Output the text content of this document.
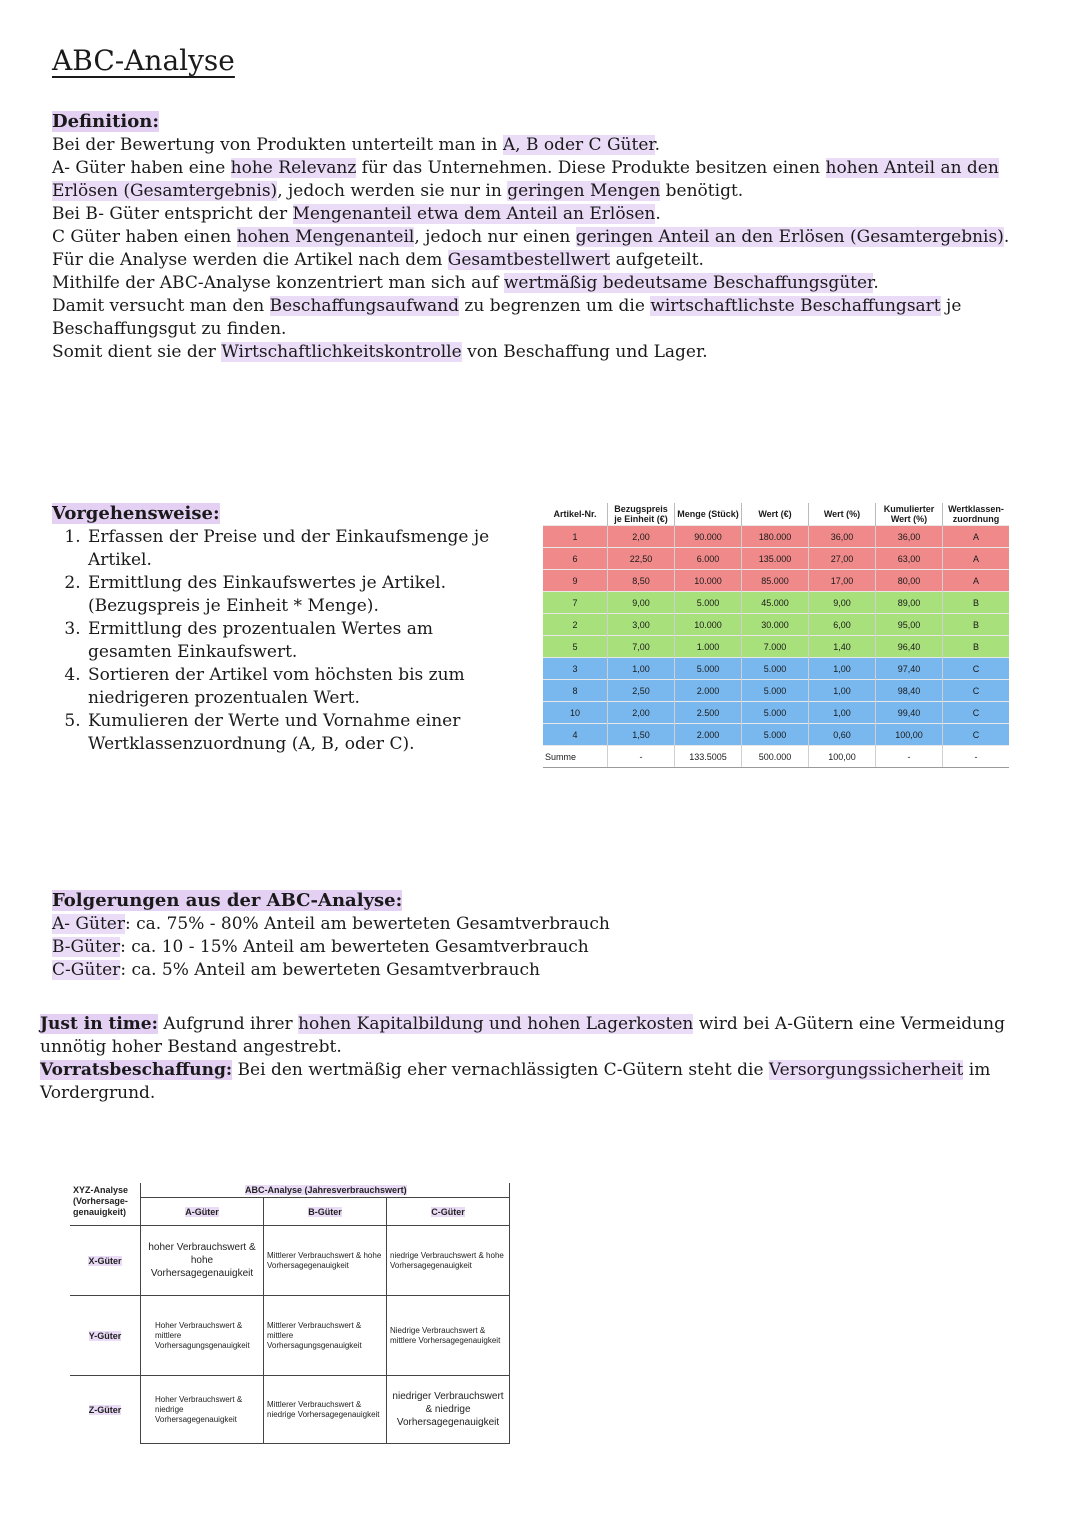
ABC-Analyse

Definition:

Bei der Bewertung von Produkten unterteilt man in A, B oder C Güter.

A- Güter haben eine hohe Relevanz für das Unternehmen. Diese Produkte besitzen einen hohen Anteil an den Erlösen (Gesamtergebnis), jedoch werden sie nur in geringen Mengen benötigt.

Bei B- Güter entspricht der Mengenanteil etwa dem Anteil an Erlösen.

C Güter haben einen hohen Mengenanteil, jedoch nur einen geringen Anteil an den Erlösen (Gesamtergebnis).

Für die Analyse werden die Artikel nach dem Gesamtbestellwert aufgeteilt.

Mithilfe der ABC-Analyse konzentriert man sich auf wertmäßig bedeutsame Beschaffungsgüter.

Damit versucht man den Beschaffungsaufwand zu begrenzen um die wirtschaftlichste Beschaffungsart je Beschaffungsgut zu finden.

Somit dient sie der Wirtschaftlichkeitskontrolle von Beschaffung und Lager.

Vorgehensweise:
1. Erfassen der Preise und der Einkaufsmenge je Artikel.
2. Ermittlung des Einkaufswertes je Artikel. (Bezugspreis je Einheit * Menge).
3. Ermittlung des prozentualen Wertes am gesamten Einkaufswert.
4. Sortieren der Artikel vom höchsten bis zum niedrigeren prozentualen Wert.
5. Kumulieren der Werte und Vornahme einer Wertklassenzuordnung (A, B, oder C).
Artikel-Nr.	Bezugspreis je Einheit (€)	Menge (Stück)	Wert (€)	Wert (%)	Kumulierter Wert (%)	Wertklassen-zuordnung
1	2,00	90.000	180.000	36,00	36,00	A
6	22,50	6.000	135.000	27,00	63,00	A
9	8,50	10.000	85.000	17,00	80,00	A
7	9,00	5.000	45.000	9,00	89,00	B
2	3,00	10.000	30.000	6,00	95,00	B
5	7,00	1.000	7.000	1,40	96,40	B
3	1,00	5.000	5.000	1,00	97,40	C
8	2,50	2.000	5.000	1,00	98,40	C
10	2,00	2.500	5.000	1,00	99,40	C
4	1,50	2.000	5.000	0,60	100,00	C
Summe	-	133.5005	500.000	100,00	-	-

Folgerungen aus der ABC-Analyse:

A- Güter: ca. 75% - 80% Anteil am bewerteten Gesamtverbrauch

B-Güter: ca. 10 - 15% Anteil am bewerteten Gesamtverbrauch

C-Güter: ca. 5% Anteil am bewerteten Gesamtverbrauch

Just in time: Aufgrund ihrer hohen Kapitalbildung und hohen Lagerkosten wird bei A-Gütern eine Vermeidung unnötig hoher Bestand angestrebt.

Vorratsbeschaffung: Bei den wertmäßig eher vernachlässigten C-Gütern steht die Versorgungssicherheit im Vordergrund.

XYZ-Analyse (Vorhersage-genauigkeit)	ABC-Analyse (Jahresverbrauchswert)		
	A-Güter	B-Güter	C-Güter
X-Güter	hoher Verbrauchswert & hohe Vorhersagegenauigkeit	Mittlerer Verbrauchswert & hohe Vorhersagegenauigkeit	niedrige Verbrauchswert & hohe Vorhersagegenauigkeit
Y-Güter	Hoher Verbrauchswert & mittlere Vorhersagungsgenauigkeit	Mittlerer Verbrauchswert & mittlere Vorhersagungsgenauigkeit	Niedrige Verbrauchswert & mittlere Vorhersagegenauigkeit
Z-Güter	Hoher Verbrauchswert & niedrige Vorhersagegenauigkeit	Mittlerer Verbrauchswert & niedrige Vorhersagegenauigkeit	niedriger Verbrauchswert & niedrige Vorhersagegenauigkeit
